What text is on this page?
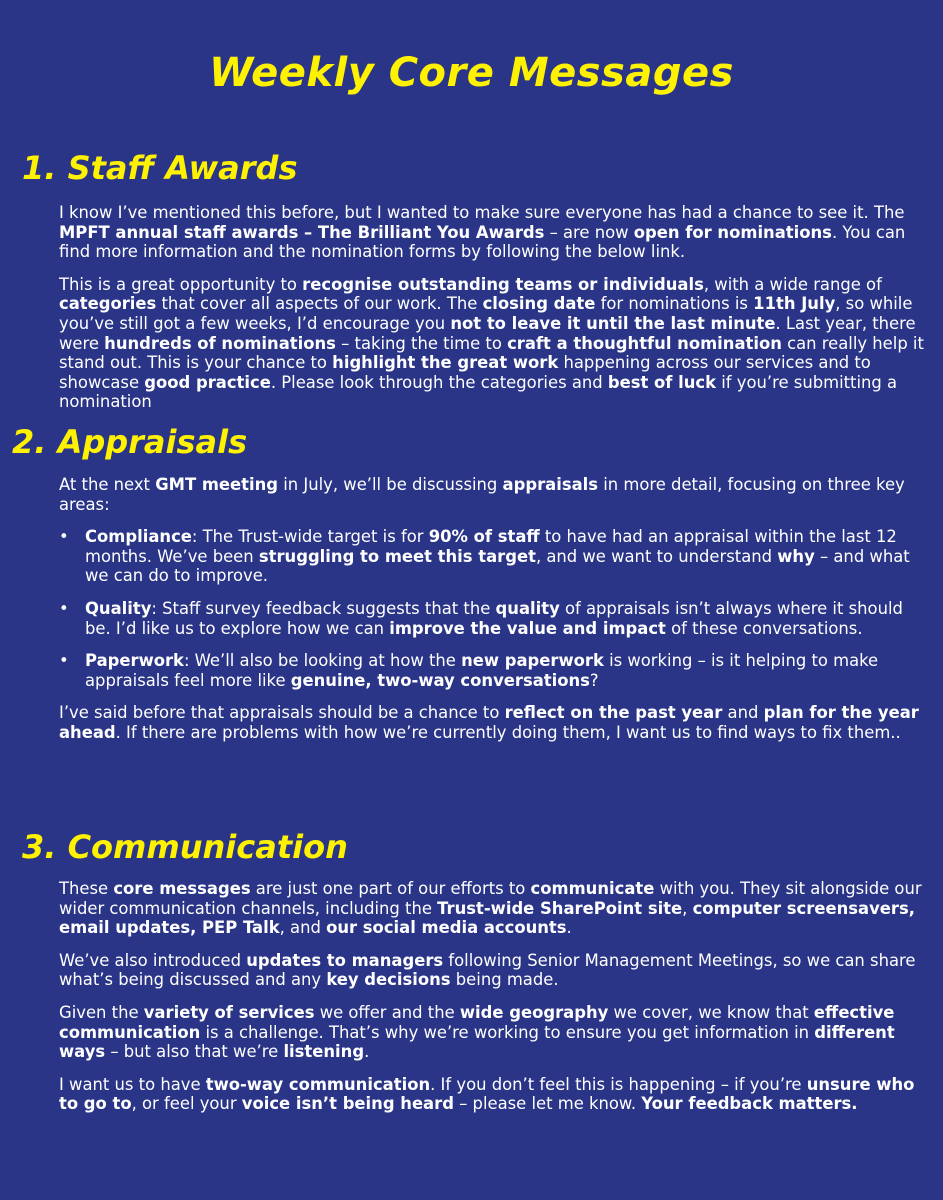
Weekly Core Messages
1. Staff Awards

I know I’ve mentioned this before, but I wanted to make sure everyone has had a chance to see it. The MPFT annual staff awards – The Brilliant You Awards – are now open for nominations. You can find more information and the nomination forms by following the below link.

This is a great opportunity to recognise outstanding teams or individuals, with a wide range of categories that cover all aspects of our work. The closing date for nominations is 11th July, so while you’ve still got a few weeks, I’d encourage you not to leave it until the last minute. Last year, there were hundreds of nominations – taking the time to craft a thoughtful nomination can really help it stand out. This is your chance to highlight the great work happening across our services and to showcase good practice. Please look through the categories and best of luck if you’re submitting a nomination

2. Appraisals

At the next GMT meeting in July, we’ll be discussing appraisals in more detail, focusing on three key areas:

• Compliance: The Trust-wide target is for 90% of staff to have had an appraisal within the last 12 months. We’ve been struggling to meet this target, and we want to understand why – and what we can do to improve.
• Quality: Staff survey feedback suggests that the quality of appraisals isn’t always where it should be. I’d like us to explore how we can improve the value and impact of these conversations.
• Paperwork: We’ll also be looking at how the new paperwork is working – is it helping to make appraisals feel more like genuine, two-way conversations?

I’ve said before that appraisals should be a chance to reflect on the past year and plan for the year ahead. If there are problems with how we’re currently doing them, I want us to find ways to fix them..

3. Communication

These core messages are just one part of our efforts to communicate with you. They sit alongside our wider communication channels, including the Trust-wide SharePoint site, computer screensavers, email updates, PEP Talk, and our social media accounts.

We’ve also introduced updates to managers following Senior Management Meetings, so we can share what’s being discussed and any key decisions being made.

Given the variety of services we offer and the wide geography we cover, we know that effective communication is a challenge. That’s why we’re working to ensure you get information in different ways – but also that we’re listening.

I want us to have two-way communication. If you don’t feel this is happening – if you’re unsure who to go to, or feel your voice isn’t being heard – please let me know. Your feedback matters.
